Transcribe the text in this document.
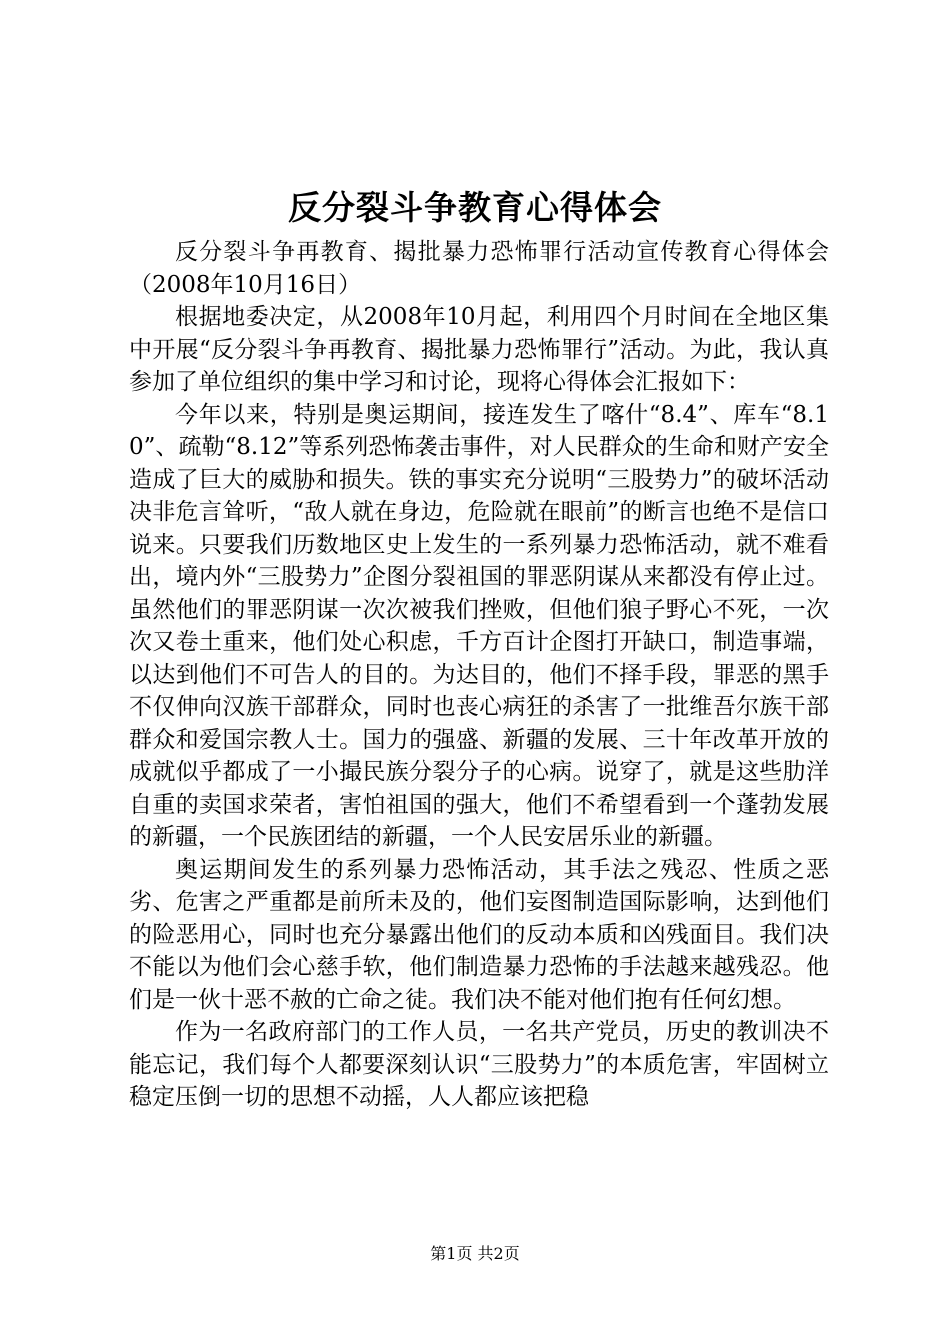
反分裂斗争教育心得体会

反分裂斗争再教育、揭批暴力恐怖罪行活动宣传教育心得体会（2008年10月16日）

根据地委决定，从2008年10月起，利用四个月时间在全地区集中开展“反分裂斗争再教育、揭批暴力恐怖罪行”活动。为此，我认真参加了单位组织的集中学习和讨论，现将心得体会汇报如下：

今年以来，特别是奥运期间，接连发生了喀什“8.4”、库车“8.10”、疏勒“8.12”等系列恐怖袭击事件，对人民群众的生命和财产安全造成了巨大的威胁和损失。铁的事实充分说明“三股势力”的破坏活动决非危言耸听，“敌人就在身边，危险就在眼前”的断言也绝不是信口说来。只要我们历数地区史上发生的一系列暴力恐怖活动，就不难看出，境内外“三股势力”企图分裂祖国的罪恶阴谋从来都没有停止过。虽然他们的罪恶阴谋一次次被我们挫败，但他们狼子野心不死，一次次又卷土重来，他们处心积虑，千方百计企图打开缺口，制造事端，以达到他们不可告人的目的。为达目的，他们不择手段，罪恶的黑手不仅伸向汉族干部群众，同时也丧心病狂的杀害了一批维吾尔族干部群众和爱国宗教人士。国力的强盛、新疆的发展、三十年改革开放的成就似乎都成了一小撮民族分裂分子的心病。说穿了，就是这些肋洋自重的卖国求荣者，害怕祖国的强大，他们不希望看到一个蓬勃发展的新疆，一个民族团结的新疆，一个人民安居乐业的新疆。

奥运期间发生的系列暴力恐怖活动，其手法之残忍、性质之恶劣、危害之严重都是前所未及的，他们妄图制造国际影响，达到他们的险恶用心，同时也充分暴露出他们的反动本质和凶残面目。我们决不能以为他们会心慈手软，他们制造暴力恐怖的手法越来越残忍。他们是一伙十恶不赦的亡命之徒。我们决不能对他们抱有任何幻想。

作为一名政府部门的工作人员，一名共产党员，历史的教训决不能忘记，我们每个人都要深刻认识“三股势力”的本质危害，牢固树立稳定压倒一切的思想不动摇，人人都应该把稳

第1页 共2页
